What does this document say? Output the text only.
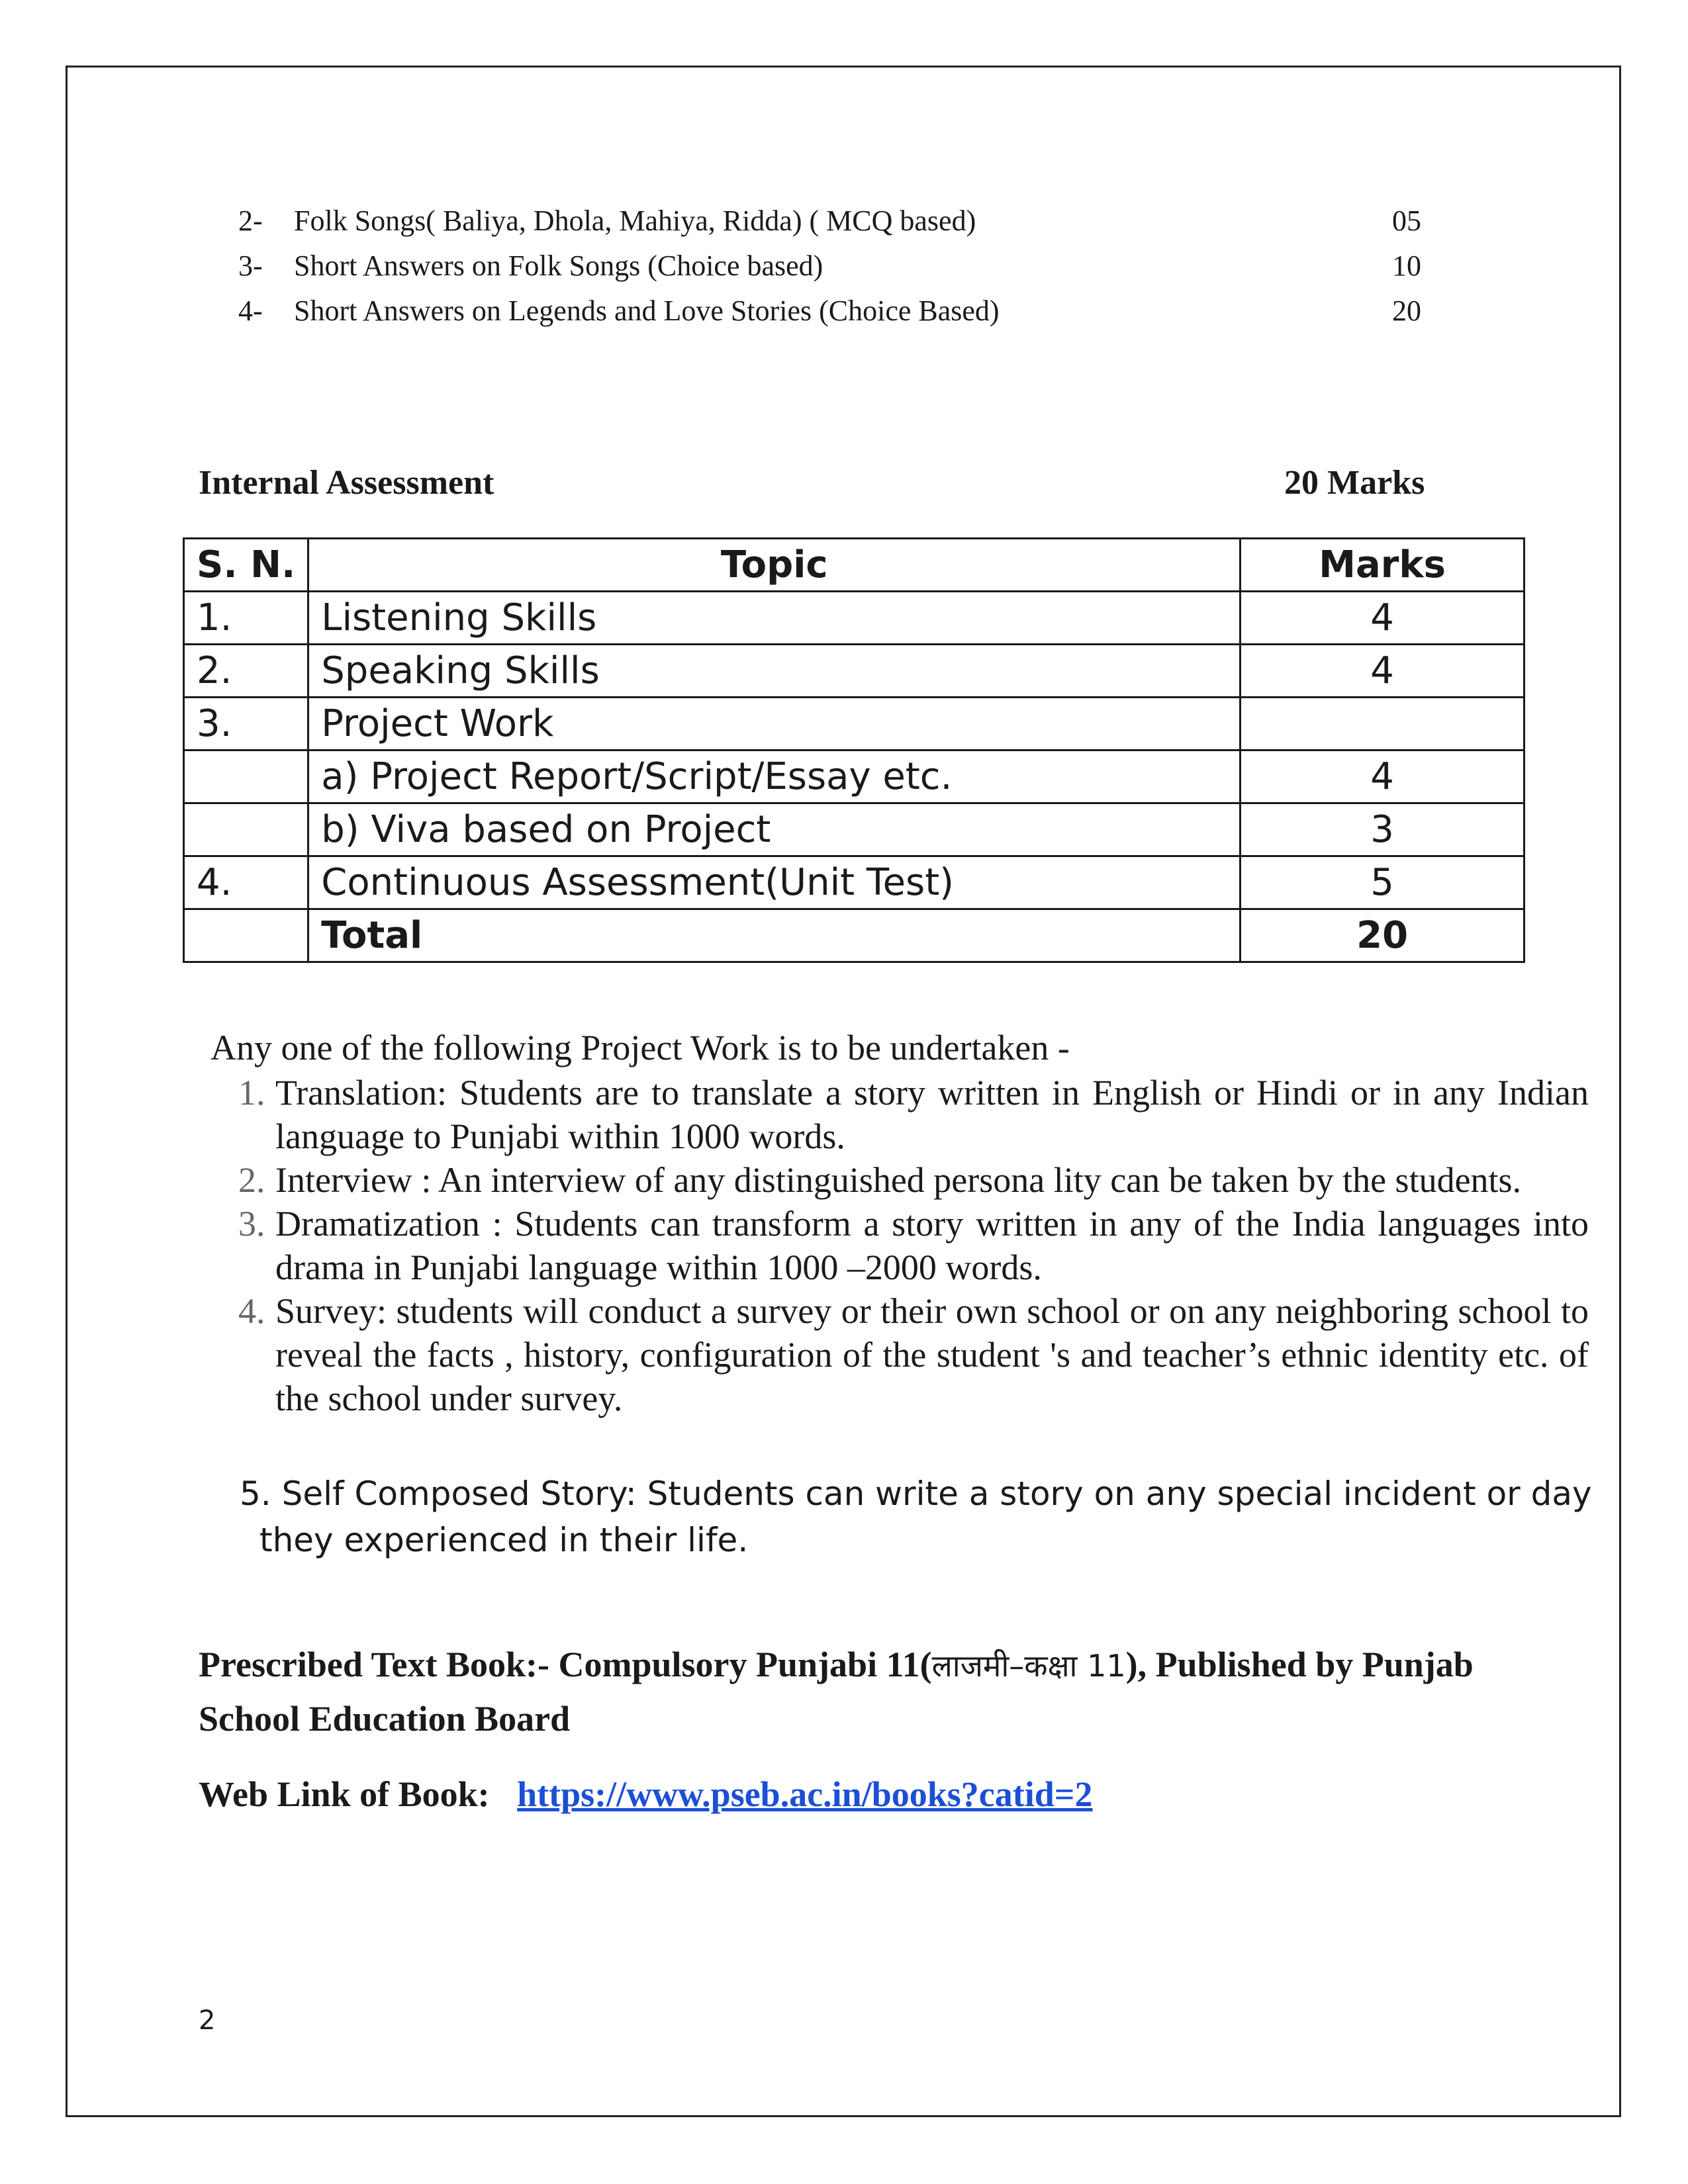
2-	Folk Songs( Baliya, Dhola, Mahiya, Ridda) ( MCQ based)	05
3-	Short Answers on Folk Songs (Choice based)	10
4-	Short Answers on Legends and Love Stories (Choice Based)	20
Internal Assessment	20 Marks
S. N.	Topic	Marks
1.	Listening Skills	4
2.	Speaking Skills	4
3.	Project Work	
	a) Project Report/Script/Essay etc.	4
	b) Viva based on Project	3
4.	Continuous Assessment(Unit Test)	5
	Total	20
Any one of the following Project Work is to be undertaken -
1. Translation: Students are to translate a story written in English or Hindi or in any Indian language to Punjabi within 1000 words.
2. Interview : An interview of any distinguished persona lity can be taken by the students.
3. Dramatization : Students can transform a story written in any of the India languages into drama in Punjabi language within 1000 –2000 words.
4. Survey: students will conduct a survey or their own school or on any neighboring school to reveal the facts , history, configuration of the student 's and teacher’s ethnic identity etc. of the school under survey.
5. Self Composed Story: Students can write a story on any special incident or day
they experienced in their life.
Prescribed Text Book:- Compulsory Punjabi 11(लाजमी–कक्षा 11), Published by Punjab
School Education Board
Web Link of Book: https://www.pseb.ac.in/books?catid=2
2
